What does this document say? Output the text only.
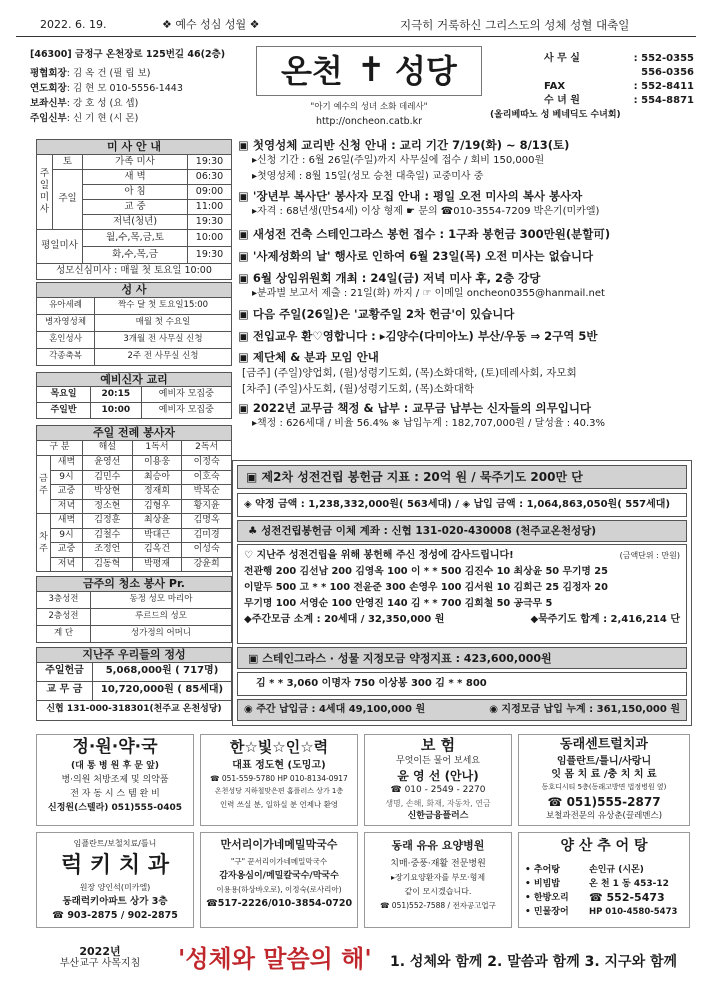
2022. 6. 19.	❖ 예수 성심 성월 ❖	지극히 거룩하신 그리스도의 성체 성혈 대축일
[46300] 금정구 온천장로 125번길 46(2층)
평협회장: 김 옥 건 (필 립 보)
연도회장: 김 현 모 010-5556-1443
보좌신부: 강 호 성 (요 셉)
주임신부: 신 기 현 (시 몬)
온천 ✝ 성당
"아기 예수의 성녀 소화 데레사"
http://oncheon.catb.kr
사 무 실	: 552-0355
556-0356
FAX	: 552-8411
수 녀 원	: 554-8871
(올리베따노 성 베네딕도 수녀회)
미 사 안 내			
주일미사	토	가족 미사	19:30
	주일	새 벽	06:30
		아 침	09:00
		교 중	11:00
		저녁(청년)	19:30

평일미사		월,수,목,금,토	10:00
		화,수,목,금	19:30
성모신심미사 : 매월 첫 토요일 10:00			
성 사	
유아세례	짝수 달 첫 토요일15:00
병자영성체	매월 첫 수요일
혼인성사	3개월 전 사무실 신청
각종축복	2주 전 사무실 신청
예비신자 교리		
목요일	20:15	예비자 모집중
주일반	10:00	예비자 모집중
주일 전례 봉사자				
구 분		해설	1독서	2독서
금주	새벽	윤영선	이용웅	이정숙
	9시	김민수	최승아	이호숙
	교중	박상현	정재희	박복순
	저녁	정소현	김형우	황지윤
차주	새벽	김정훈	최상윤	김명옥
	9시	김철수	박대근	김미경
	교중	조정언	김옥건	이성숙
	저녁	김동혁	박평재	강윤희
금주의 청소 봉사 Pr.	
3층성전	동정 성모 마리아
2층성전	루르드의 성모
계 단	성가정의 어머니
지난주 우리들의 정성	
주일헌금	5,068,000원 ( 717명)
교 무 금	10,720,000원 ( 85세대)
신협 131-000-318301(천주교 온천성당)	
▣ 첫영성체 교리반 신청 안내 : 교리 기간 7/19(화) ~ 8/13(토)
▸신청 기간 : 6월 26일(주일)까지 사무실에 접수 / 회비 150,000원
▸첫영성체 : 8월 15일(성모 승천 대축일) 교중미사 중
▣ '장년부 복사단' 봉사자 모집 안내 : 평일 오전 미사의 복사 봉사자
▸자격 : 68년생(만54세) 이상 형제 ☛ 문의 ☎010-3554-7209 박은기(미카엘)
▣ 새성전 건축 스테인그라스 봉헌 접수 : 1구좌 봉헌금 300만원(분할可)
▣ '사제성화의 날' 행사로 인하여 6월 23일(목) 오전 미사는 없습니다
▣ 6월 상임위원회 개최 : 24일(금) 저녁 미사 후, 2층 강당
▸분과별 보고서 제출 : 21일(화) 까지 / ☞ 이메일 oncheon0355@hanmail.net
▣ 다음 주일(26일)은 '교황주일 2차 헌금'이 있습니다
▣ 전입교우 환♡영합니다 : ▸김양수(다미아노) 부산/우동 ⇒ 2구역 5반
▣ 제단체 & 분과 모임 안내
[금주] (주일)양업회, (월)성령기도회, (목)소화대학, (토)데레사회, 자모회
[차주] (주일)사도회, (월)성령기도회, (목)소화대학
▣ 2022년 교무금 책정 & 납부 : 교무금 납부는 신자들의 의무입니다
▸책정 : 626세대 / 비율 56.4% ※ 납입누계 : 182,707,000원 / 달성율 : 40.3%
▣ 제2차 성전건립 봉헌금 지표 : 20억 원 / 묵주기도 200만 단
◈ 약정 금액 : 1,238,332,000원( 563세대) / ◈ 납입 금액 : 1,064,863,050원( 557세대)
♣ 성전건립봉헌금 이체 계좌 : 신협 131-020-430008 (천주교온천성당)
♡ 지난주 성전건립을 위해 봉헌해 주신 정성에 감사드립니다!	(금액단위 : 만원)
전관행 200 김선남 200 김영옥 100 이 * * 500 김진수 10 최상윤 50 무기명 25
이말두 500 고 * * 100 전윤준 300 손영우 100 김서원 10 김희근 25 김정자 20
무기명 100 서영순 100 안영진 140 김 * * 700 김희철 50 공극무 5
◆주간모금 소계 : 20세대 / 32,350,000 원	◆묵주기도 합계 : 2,416,214 단
▣ 스테인그라스 · 성물 지정모금 약정지표 : 423,600,000원
김 * * 3,060 이명자 750 이상봉 300 김 * * 800
◉ 주간 납입금 : 4세대 49,100,000 원	◉ 지정모금 납입 누계 : 361,150,000 원
정·원·약·국
(대 통 병 원 후 문 앞)
병·의원 처방조제 및 의약품
전 자 동 시 스 템 완 비
신정원(스텔라) 051)555-0405
한☆빛☆인☆력
대표 정도현 (도밍고)
☎ 051-559-5780 HP 010-8134-0917
온천성당 지하철맞은편 홈플러스 상가 1층
인력 쓰실 분, 일하실 분 언제나 환영
보 험
무엇이든 물어 보세요
윤 영 선 (안나)
☎ 010 - 2549 - 2270
생명, 손해, 화재, 자동차, 연금
신한금융플러스
동래센트럴치과
임플란트/틀니/사랑니
잇 몸 치 료 /충 치 치 료
동호디시티 5층(동래고방면 법정병원 옆)
☎ 051)555-2877
보철과전문의 유상춘(끌레멘스)
임플란트/보철치료/틀니
럭 키 치 과
원장 양인석(미카엘)
동래럭키아파트 상가 3층
☎ 903-2875 / 902-2875
만서리이가네메밀막국수
"구" 꾼서리이가네메밀막국수
감자옹심이/메밀칼국수/막국수
이용용(하상바오로), 이정숙(로사리아)
☎517-2226/010-3854-0720
동래 유유 요양병원
치매·중풍·재활 전문병원
▸장기요양환자를 부모·형제
같이 모시겠습니다.
☎ 051)552-7588 / 전자공고업구
양 산 추 어 탕
• 추어탕
• 비빔밥
• 한방오리
• 민물장어
손인규 (시몬)
온 천 1 동 453-12
☎ 552-5473
HP 010-4580-5473
2022년
부산교구 사목지침	'성체와 말씀의 해' 1. 성체와 함께 2. 말씀과 함께 3. 지구와 함께
